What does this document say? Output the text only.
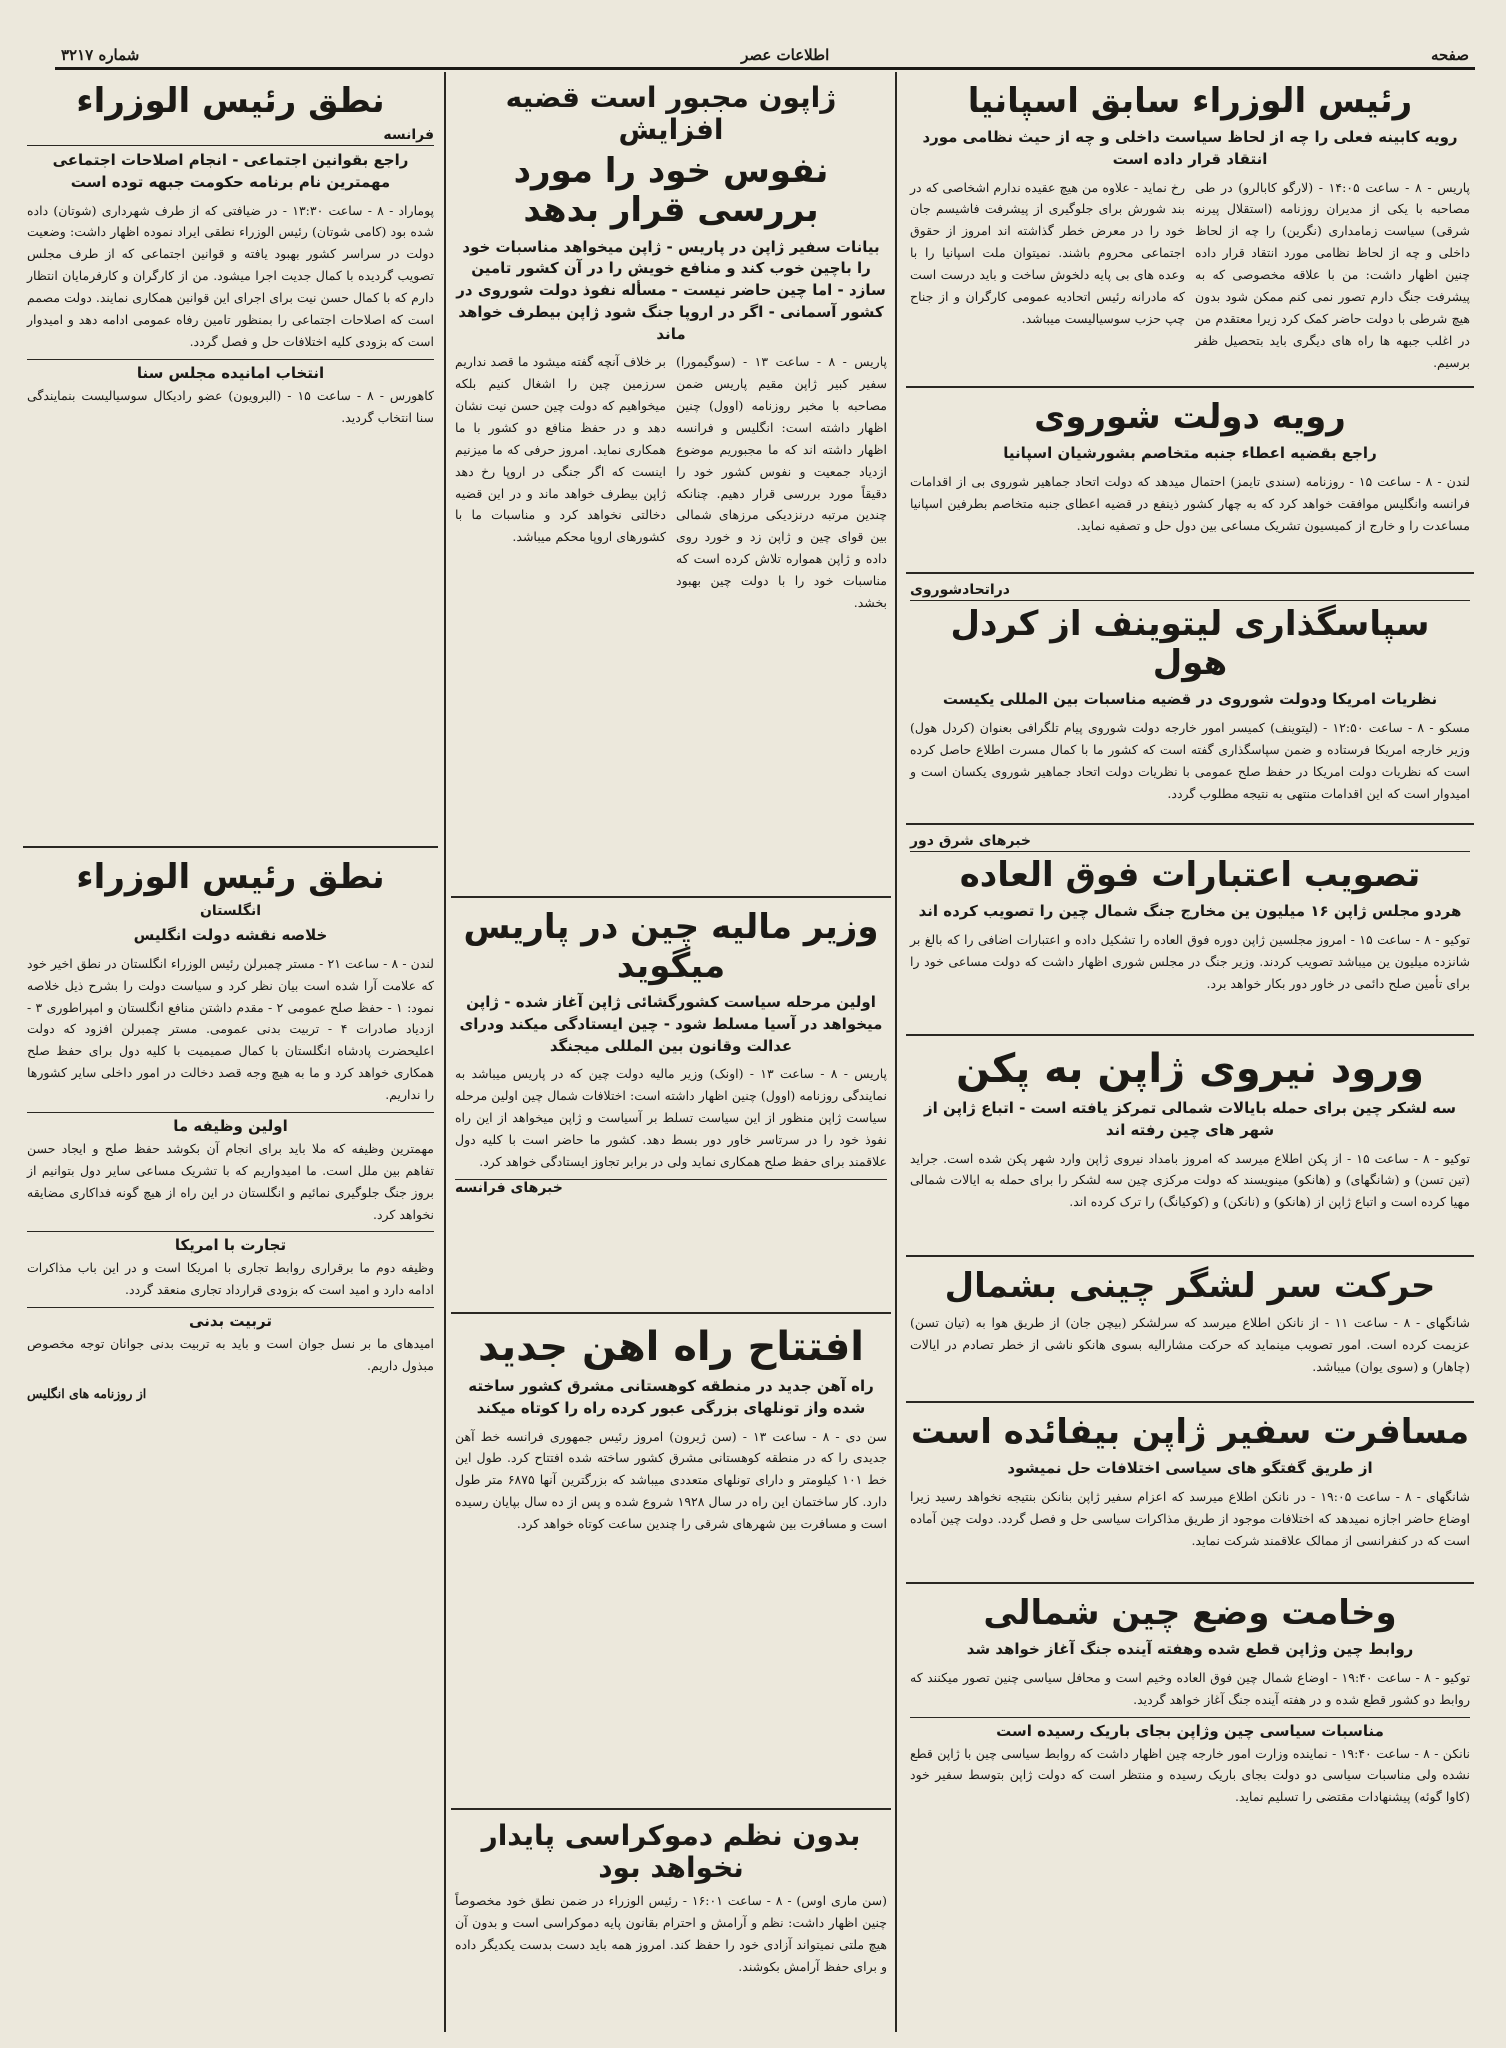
صفحه
اطلاعات عصر
شماره ۳۲۱۷
رئیس الوزراء سابق اسپانیا
رویه کابینه فعلی را چه از لحاظ سیاست داخلی و چه از حیث نظامی مورد انتقاد قرار داده است
پاریس - ۸ - ساعت ۱۴:۰۵ - (لارگو کابالرو) در طی مصاحبه با یکی از مدیران روزنامه (استقلال پیرنه شرقی) سیاست زمامداری (نگرین) را چه از لحاظ داخلی و چه از لحاظ نظامی مورد انتقاد قرار داده چنین اظهار داشت: من با علاقه مخصوصی که به پیشرفت جنگ دارم تصور نمی کنم ممکن شود بدون هیچ شرطی با دولت حاضر کمک کرد زیرا معتقدم من در اغلب جبهه ها راه های دیگری باید بتحصیل ظفر برسیم.
رخ نماید - علاوه من هیچ عقیده ندارم اشخاصی که در بند شورش برای جلوگیری از پیشرفت فاشیسم جان خود را در معرض خطر گذاشته اند امروز از حقوق اجتماعی محروم باشند. نمیتوان ملت اسپانیا را با وعده های بی پایه دلخوش ساخت و باید درست است که مادرانه رئیس اتحادیه عمومی کارگران و از جناح چپ حزب سوسیالیست میباشد.
رویه دولت شوروی
راجع بقضیه اعطاء جنبه متخاصم بشورشیان اسپانیا
لندن - ۸ - ساعت ۱۵ - روزنامه (سندی تایمز) احتمال میدهد که دولت اتحاد جماهیر شوروی بی از اقدامات فرانسه وانگلیس موافقت خواهد کرد که به چهار کشور ذینفع در قضیه اعطای جنبه متخاصم بطرفین اسپانیا مساعدت را و خارج از کمیسیون تشریک مساعی بین دول حل و تصفیه نماید.
دراتحادشوروی
سپاسگذاری لیتوینف از کردل هول
نظریات امریکا ودولت شوروی در قضیه مناسبات بین المللی یکیست
مسکو - ۸ - ساعت ۱۲:۵۰ - (لیتوینف) کمیسر امور خارجه دولت شوروی پیام تلگرافی بعنوان (کردل هول) وزیر خارجه امریکا فرستاده و ضمن سپاسگذاری گفته است که کشور ما با کمال مسرت اطلاع حاصل کرده است که نظریات دولت امریکا در حفظ صلح عمومی با نظریات دولت اتحاد جماهیر شوروی یکسان است و امیدوار است که این اقدامات منتهی به نتیجه مطلوب گردد.
خبرهای شرق دور
تصویب اعتبارات فوق العاده
هردو مجلس ژاپن ۱۶ میلیون ین مخارج جنگ شمال چین را تصویب کرده اند
توکیو - ۸ - ساعت ۱۵ - امروز مجلسین ژاپن دوره فوق العاده را تشکیل داده و اعتبارات اضافی را که بالغ بر شانزده میلیون ین میباشد تصویب کردند. وزیر جنگ در مجلس شوری اظهار داشت که دولت مساعی خود را برای تأمین صلح دائمی در خاور دور بکار خواهد برد.
ورود نیروی ژاپن به پکن
سه لشکر چین برای حمله بایالات شمالی تمرکز یافته است - اتباع ژاپن از شهر های چین رفته اند
توکیو - ۸ - ساعت ۱۵ - از پکن اطلاع میرسد که امروز بامداد نیروی ژاپن وارد شهر پکن شده است. جراید (تین تسن) و (شانگهای) و (هانکو) مینویسند که دولت مرکزی چین سه لشکر را برای حمله به ایالات شمالی مهیا کرده است و اتباع ژاپن از (هانکو) و (نانکن) و (کوکیانگ) را ترک کرده اند.
حرکت سر لشگر چینی بشمال
شانگهای - ۸ - ساعت ۱۱ - از نانکن اطلاع میرسد که سرلشکر (بیچن جان) از طریق هوا به (تیان تسن) عزیمت کرده است. امور تصویب مینماید که حرکت مشارالیه بسوی هانکو ناشی از خطر تصادم در ایالات (چاهار) و (سوی یوان) میباشد.
مسافرت سفیر ژاپن بیفائده است
از طریق گفتگو های سیاسی اختلافات حل نمیشود
شانگهای - ۸ - ساعت ۱۹:۰۵ - در نانکن اطلاع میرسد که اعزام سفیر ژاپن بنانکن بنتیجه نخواهد رسید زیرا اوضاع حاضر اجازه نمیدهد که اختلافات موجود از طریق مذاکرات سیاسی حل و فصل گردد. دولت چین آماده است که در کنفرانسی از ممالک علاقمند شرکت نماید.
وخامت وضع چین شمالی
روابط چین وژاپن قطع شده وهفته آینده جنگ آغاز خواهد شد
توکیو - ۸ - ساعت ۱۹:۴۰ - اوضاع شمال چین فوق العاده وخیم است و محافل سیاسی چنین تصور میکنند که روابط دو کشور قطع شده و در هفته آینده جنگ آغاز خواهد گردید.
مناسبات سیاسی چین وژاپن بجای باریک رسیده است
نانکن - ۸ - ساعت ۱۹:۴۰ - نماینده وزارت امور خارجه چین اظهار داشت که روابط سیاسی چین با ژاپن قطع نشده ولی مناسبات سیاسی دو دولت بجای باریک رسیده و منتظر است که دولت ژاپن بتوسط سفیر خود (کاوا گوئه) پیشنهادات مقتضی را تسلیم نماید.
ژاپون مجبور است قضیه افزایش
نفوس خود را مورد بررسی قرار بدهد
بیانات سفیر ژاپن در پاریس - ژاپن میخواهد مناسبات خود را باچین خوب کند و منافع خویش را در آن کشور تامین سازد - اما چین حاضر نیست - مسأله نفوذ دولت شوروی در کشور آسمانی - اگر در اروپا جنگ شود ژاپن بیطرف خواهد ماند
پاریس - ۸ - ساعت ۱۳ - (سوگیمورا) سفیر کبیر ژاپن مقیم پاریس ضمن مصاحبه با مخبر روزنامه (اوول) چنین اظهار داشته است: انگلیس و فرانسه اظهار داشته اند که ما مجبوریم موضوع ازدیاد جمعیت و نفوس کشور خود را دقیقاً مورد بررسی قرار دهیم. چنانکه چندین مرتبه درنزدیکی مرزهای شمالی بین قوای چین و ژاپن زد و خورد روی داده و ژاپن همواره تلاش کرده است که مناسبات خود را با دولت چین بهبود بخشد.
بر خلاف آنچه گفته میشود ما قصد نداریم سرزمین چین را اشغال کنیم بلکه میخواهیم که دولت چین حسن نیت نشان دهد و در حفظ منافع دو کشور با ما همکاری نماید. امروز حرفی که ما میزنیم اینست که اگر جنگی در اروپا رخ دهد ژاپن بیطرف خواهد ماند و در این قضیه دخالتی نخواهد کرد و مناسبات ما با کشورهای اروپا محکم میباشد.
وزیر مالیه چین در پاریس میگوید
اولین مرحله سیاست کشورگشائی ژاپن آغاز شده - ژاپن میخواهد در آسیا مسلط شود - چین ایستادگی میکند ودرای عدالت وقانون بین المللی میجنگد
پاریس - ۸ - ساعت ۱۳ - (اونک) وزیر مالیه دولت چین که در پاریس میباشد به نمایندگی روزنامه (اوول) چنین اظهار داشته است: اختلافات شمال چین اولین مرحله سیاست ژاپن منظور از این سیاست تسلط بر آسیاست و ژاپن میخواهد از این راه نفوذ خود را در سرتاسر خاور دور بسط دهد. کشور ما حاضر است با کلیه دول علاقمند برای حفظ صلح همکاری نماید ولی در برابر تجاوز ایستادگی خواهد کرد.
خبرهای فرانسه
افتتاح راه اهن جدید
راه آهن جدید در منطقه کوهستانی مشرق کشور ساخته شده واز تونلهای بزرگی عبور کرده راه را کوتاه میکند
سن دی - ۸ - ساعت ۱۳ - (سن ژیرون) امروز رئیس جمهوری فرانسه خط آهن جدیدی را که در منطقه کوهستانی مشرق کشور ساخته شده افتتاح کرد. طول این خط ۱۰۱ کیلومتر و دارای تونلهای متعددی میباشد که بزرگترین آنها ۶۸۷۵ متر طول دارد. کار ساختمان این راه در سال ۱۹۲۸ شروع شده و پس از ده سال بپایان رسیده است و مسافرت بین شهرهای شرقی را چندین ساعت کوتاه خواهد کرد.
بدون نظم دموکراسی پایدار نخواهد بود
(سن ماری اوس) - ۸ - ساعت ۱۶:۰۱ - رئیس الوزراء در ضمن نطق خود مخصوصاً چنین اظهار داشت: نظم و آرامش و احترام بقانون پایه دموکراسی است و بدون آن هیچ ملتی نمیتواند آزادی خود را حفظ کند. امروز همه باید دست بدست یکدیگر داده و برای حفظ آرامش بکوشند.
نطق رئیس الوزراء
فرانسه
راجع بقوانین اجتماعی - انجام اصلاحات اجتماعی مهمترین نام برنامه حکومت جبهه توده است
پوماراد - ۸ - ساعت ۱۳:۳۰ - در ضیافتی که از طرف شهرداری (شوتان) داده شده بود (کامی شوتان) رئیس الوزراء نطقی ایراد نموده اظهار داشت: وضعیت دولت در سراسر کشور بهبود یافته و قوانین اجتماعی که از طرف مجلس تصویب گردیده با کمال جدیت اجرا میشود. من از کارگران و کارفرمایان انتظار دارم که با کمال حسن نیت برای اجرای این قوانین همکاری نمایند. دولت مصمم است که اصلاحات اجتماعی را بمنظور تامین رفاه عمومی ادامه دهد و امیدوار است که بزودی کلیه اختلافات حل و فصل گردد.
انتخاب امانیده مجلس سنا
کاهورس - ۸ - ساعت ۱۵ - (البرویون) عضو رادیکال سوسیالیست بنمایندگی سنا انتخاب گردید.
نطق رئیس الوزراء
انگلستان
خلاصه نقشه دولت انگلیس
لندن - ۸ - ساعت ۲۱ - مستر چمبرلن رئیس الوزراء انگلستان در نطق اخیر خود که علامت آرا شده است بیان نظر کرد و سیاست دولت را بشرح ذیل خلاصه نمود: ۱ - حفظ صلح عمومی ۲ - مقدم داشتن منافع انگلستان و امپراطوری ۳ - ازدیاد صادرات ۴ - تربیت بدنی عمومی. مستر چمبرلن افزود که دولت اعلیحضرت پادشاه انگلستان با کمال صمیمیت با کلیه دول برای حفظ صلح همکاری خواهد کرد و ما به هیچ وجه قصد دخالت در امور داخلی سایر کشورها را نداریم.
اولین وظیفه ما
مهمترین وظیفه که ملا باید برای انجام آن بکوشد حفظ صلح و ایجاد حسن تفاهم بین ملل است. ما امیدواریم که با تشریک مساعی سایر دول بتوانیم از بروز جنگ جلوگیری نمائیم و انگلستان در این راه از هیچ گونه فداکاری مضایقه نخواهد کرد.
تجارت با امریکا
وظیفه دوم ما برقراری روابط تجاری با امریکا است و در این باب مذاکرات ادامه دارد و امید است که بزودی قرارداد تجاری منعقد گردد.
تربیت بدنی
امیدهای ما بر نسل جوان است و باید به تربیت بدنی جوانان توجه مخصوص مبذول داریم.
از روزنامه های انگلیس
